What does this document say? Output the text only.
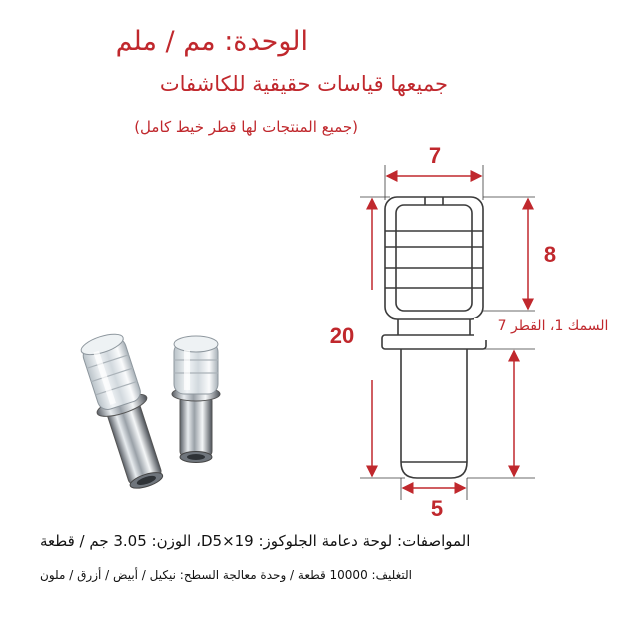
الوحدة: مم / ملم
جميعها قياسات حقيقية للكاشفات
(جميع المنتجات لها قطر خيط كامل)
7
8
20
5
السمك 1، القطر 7
المواصفات: لوحة دعامة الجلوكوز: D5×19، الوزن: 3.05 جم / قطعة
التغليف: 10000 قطعة / وحدة معالجة السطح: نيكيل / أبيض / أزرق / ملون
